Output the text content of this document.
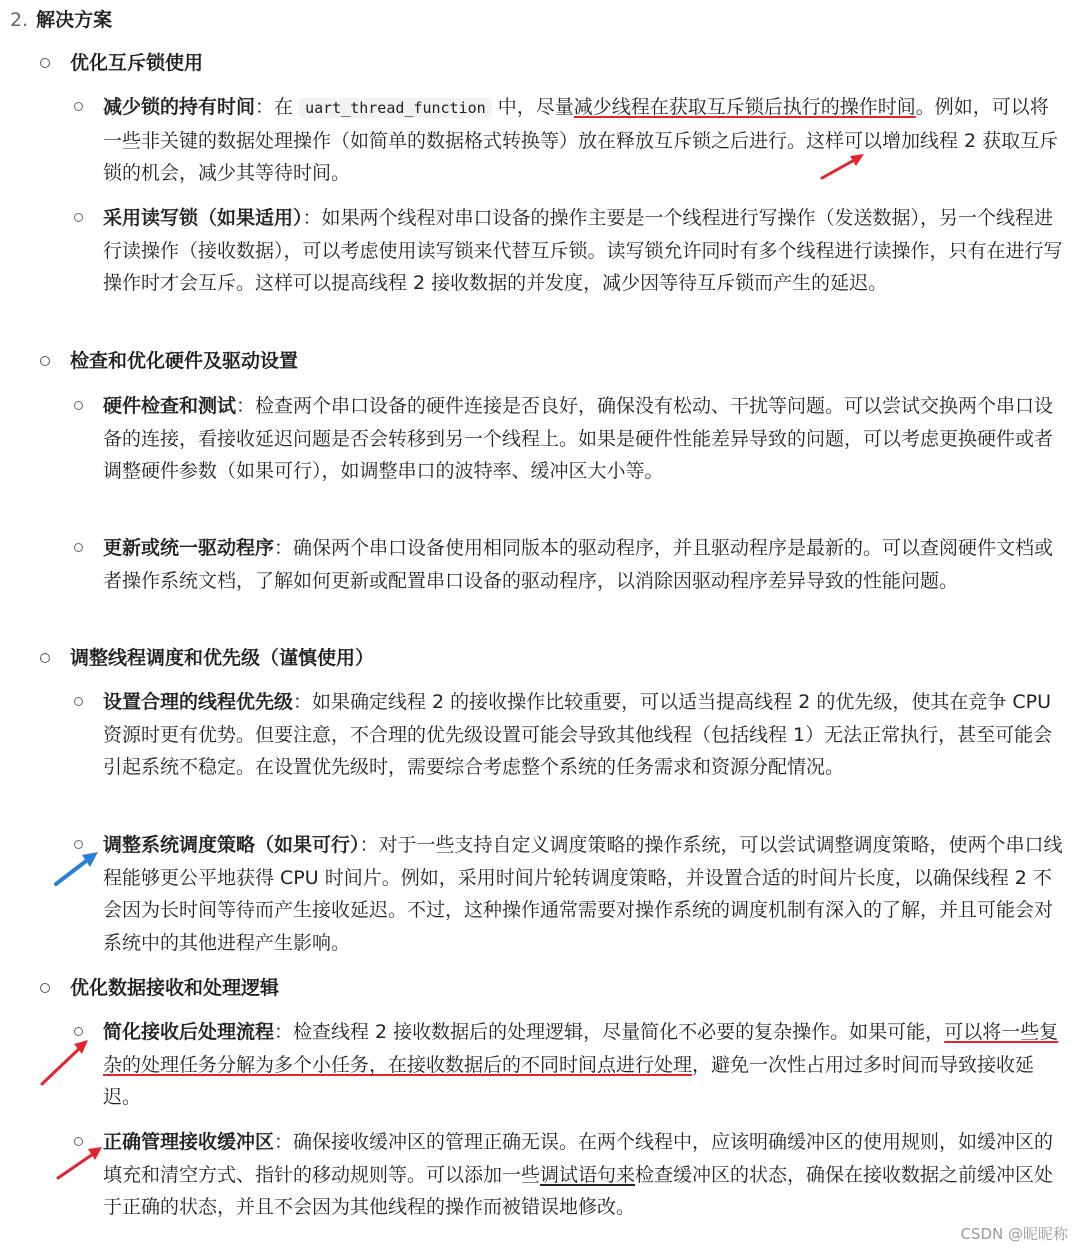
2. 解决方案
优化互斥锁使用
减少锁的持有时间：在 uart_thread_function 中，尽量减少线程在获取互斥锁后执行的操作时间。例如，可以将一些非关键的数据处理操作（如简单的数据格式转换等）放在释放互斥锁之后进行。这样可以增加线程 2 获取互斥锁的机会，减少其等待时间。
采用读写锁（如果适用）：如果两个线程对串口设备的操作主要是一个线程进行写操作（发送数据），另一个线程进行读操作（接收数据），可以考虑使用读写锁来代替互斥锁。读写锁允许同时有多个线程进行读操作，只有在进行写操作时才会互斥。这样可以提高线程 2 接收数据的并发度，减少因等待互斥锁而产生的延迟。
检查和优化硬件及驱动设置
硬件检查和测试：检查两个串口设备的硬件连接是否良好，确保没有松动、干扰等问题。可以尝试交换两个串口设备的连接，看接收延迟问题是否会转移到另一个线程上。如果是硬件性能差异导致的问题，可以考虑更换硬件或者调整硬件参数（如果可行），如调整串口的波特率、缓冲区大小等。
更新或统一驱动程序：确保两个串口设备使用相同版本的驱动程序，并且驱动程序是最新的。可以查阅硬件文档或者操作系统文档，了解如何更新或配置串口设备的驱动程序，以消除因驱动程序差异导致的性能问题。
调整线程调度和优先级（谨慎使用）
设置合理的线程优先级：如果确定线程 2 的接收操作比较重要，可以适当提高线程 2 的优先级，使其在竞争 CPU 资源时更有优势。但要注意，不合理的优先级设置可能会导致其他线程（包括线程 1）无法正常执行，甚至可能会引起系统不稳定。在设置优先级时，需要综合考虑整个系统的任务需求和资源分配情况。
调整系统调度策略（如果可行）：对于一些支持自定义调度策略的操作系统，可以尝试调整调度策略，使两个串口线程能够更公平地获得 CPU 时间片。例如，采用时间片轮转调度策略，并设置合适的时间片长度，以确保线程 2 不会因为长时间等待而产生接收延迟。不过，这种操作通常需要对操作系统的调度机制有深入的了解，并且可能会对系统中的其他进程产生影响。
优化数据接收和处理逻辑
简化接收后处理流程：检查线程 2 接收数据后的处理逻辑，尽量简化不必要的复杂操作。如果可能，可以将一些复杂的处理任务分解为多个小任务，在接收数据后的不同时间点进行处理，避免一次性占用过多时间而导致接收延迟。
正确管理接收缓冲区：确保接收缓冲区的管理正确无误。在两个线程中，应该明确缓冲区的使用规则，如缓冲区的填充和清空方式、指针的移动规则等。可以添加一些调试语句来检查缓冲区的状态，确保在接收数据之前缓冲区处于正确的状态，并且不会因为其他线程的操作而被错误地修改。
CSDN @昵昵称
